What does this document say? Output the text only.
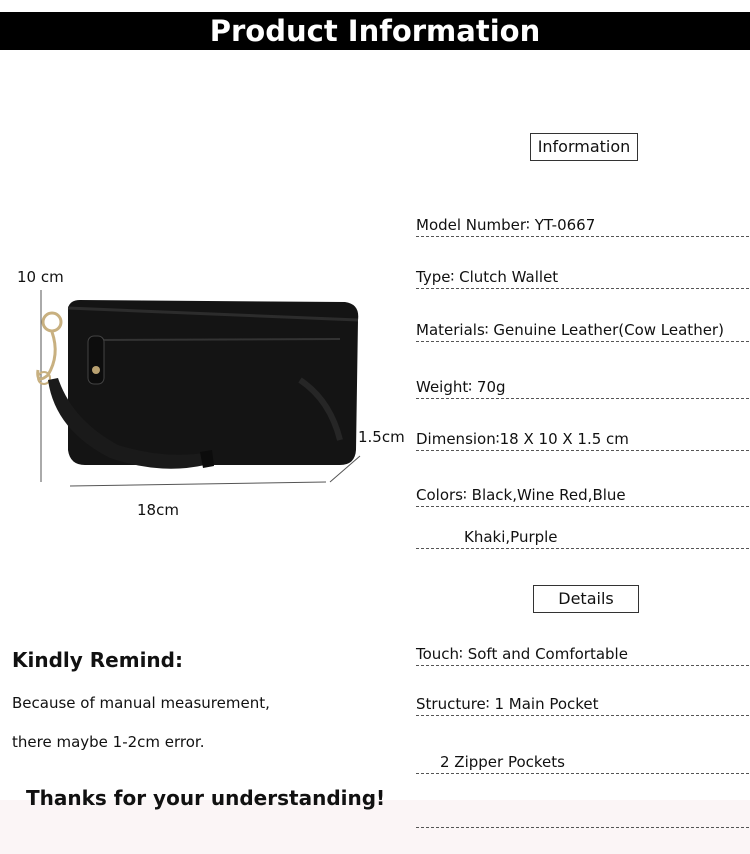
Product Information
10 cm
1.5cm
18cm
Information
Model Number∶ YT-0667
Type∶ Clutch Wallet
Materials∶ Genuine Leather(Cow Leather)
Weight∶ 70g
Dimension∶18 X 10 X 1.5 cm
Colors∶ Black,Wine Red,Blue
Khaki,Purple
Details
Touch∶ Soft and Comfortable
Structure∶ 1 Main Pocket
2 Zipper Pockets
Kindly Remind:
Because of manual measurement,
there maybe 1-2cm error.
Thanks for your understanding!
